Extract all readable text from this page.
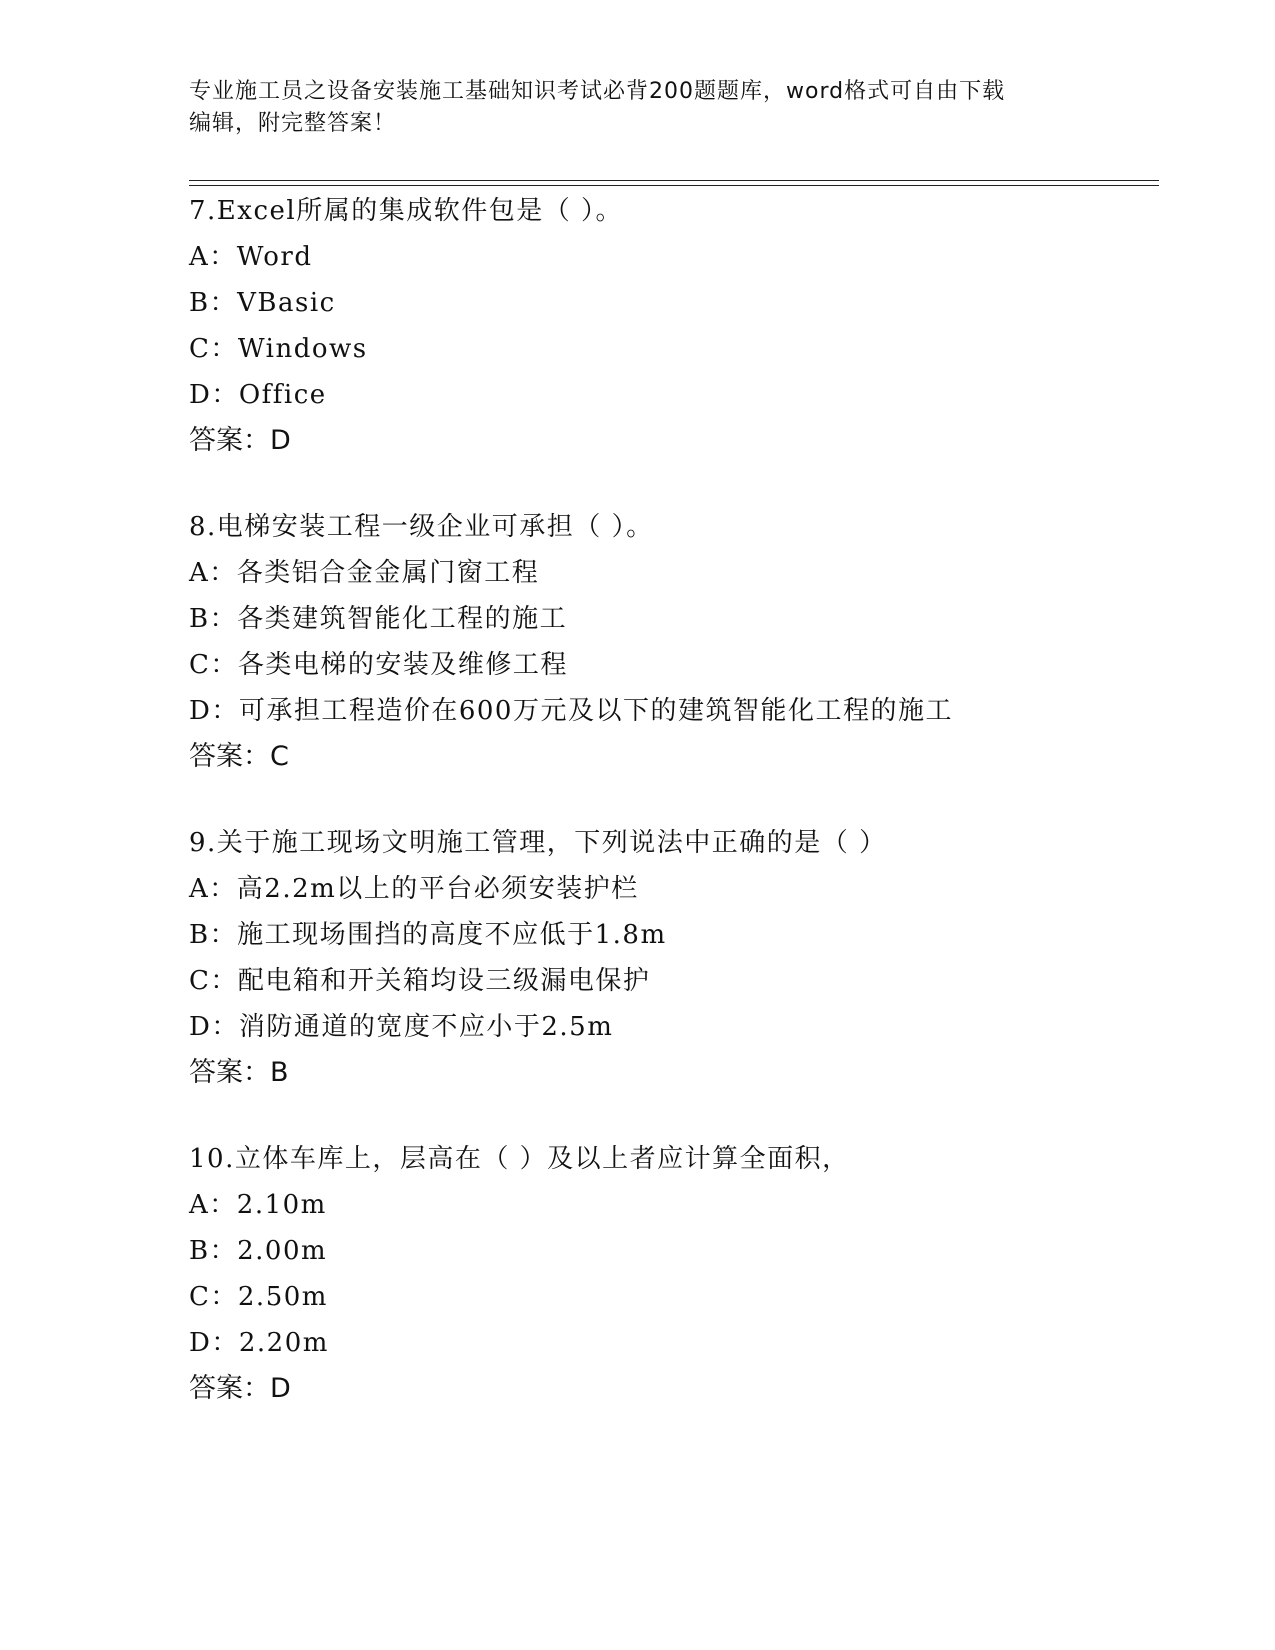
专业施工员之设备安装施工基础知识考试必背200题题库，word格式可自由下载
编辑，附完整答案！
7.Excel所属的集成软件包是（ ）。
A：Word
B：VBasic
C：Windows
D：Office
答案：D
8.电梯安装工程一级企业可承担（ ）。
A：各类铝合金金属门窗工程
B：各类建筑智能化工程的施工
C：各类电梯的安装及维修工程
D：可承担工程造价在600万元及以下的建筑智能化工程的施工
答案：C
9.关于施工现场文明施工管理，下列说法中正确的是（ ）
A：高2.2m以上的平台必须安装护栏
B：施工现场围挡的高度不应低于1.8m
C：配电箱和开关箱均设三级漏电保护
D：消防通道的宽度不应小于2.5m
答案：B
10.立体车库上，层高在（ ）及以上者应计算全面积，
A：2.10m
B：2.00m
C：2.50m
D：2.20m
答案：D
